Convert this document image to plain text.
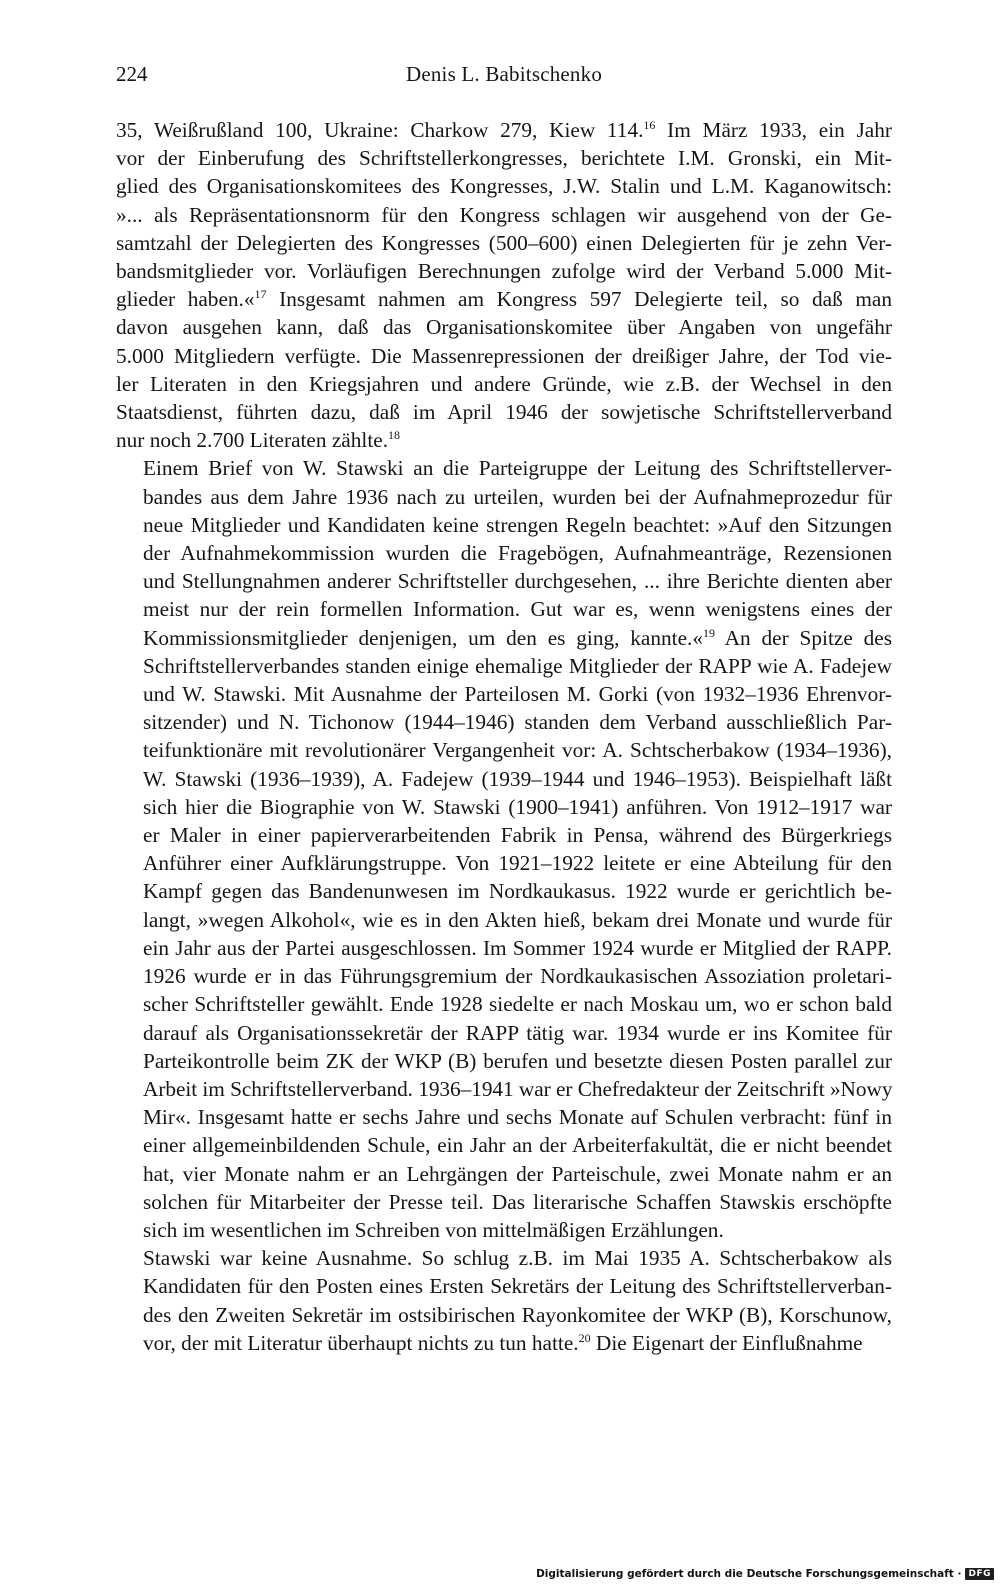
224	Denis L. Babitschenko

35, Weißrußland 100, Ukraine: Charkow 279, Kiew 114.16 Im März 1933, ein Jahr
vor der Einberufung des Schriftstellerkongresses, berichtete I.M. Gronski, ein Mit-
glied des Organisationskomitees des Kongresses, J.W. Stalin und L.M. Kaganowitsch:
»... als Repräsentationsnorm für den Kongress schlagen wir ausgehend von der Ge-
samtzahl der Delegierten des Kongresses (500–600) einen Delegierten für je zehn Ver-
bandsmitglieder vor. Vorläufigen Berechnungen zufolge wird der Verband 5.000 Mit-
glieder haben.«$^{17}$ Insgesamt nahmen am Kongress 597 Delegierte teil, so daß man
davon ausgehen kann, daß das Organisationskomitee über Angaben von ungefähr
5.000 Mitgliedern verfügte. Die Massenrepressionen der dreißiger Jahre, der Tod vie-
ler Literaten in den Kriegsjahren und andere Gründe, wie z.B. der Wechsel in den
Staatsdienst, führten dazu, daß im April 1946 der sowjetische Schriftstellerverband
nur noch 2.700 Literaten zählte.$^{18}$

Einem Brief von W. Stawski an die Parteigruppe der Leitung des Schriftstellerver-
bandes aus dem Jahre 1936 nach zu urteilen, wurden bei der Aufnahmeprozedur für
neue Mitglieder und Kandidaten keine strengen Regeln beachtet: »Auf den Sitzungen
der Aufnahmekommission wurden die Fragebögen, Aufnahmeanträge, Rezensionen
und Stellungnahmen anderer Schriftsteller durchgesehen, ... ihre Berichte dienten aber
meist nur der rein formellen Information. Gut war es, wenn wenigstens eines der
Kommissionsmitglieder denjenigen, um den es ging, kannte.«$^{19}$ An der Spitze des
Schriftstellerverbandes standen einige ehemalige Mitglieder der RAPP wie A. Fadejew
und W. Stawski. Mit Ausnahme der Parteilosen M. Gorki (von 1932–1936 Ehrenvor-
sitzender) und N. Tichonow (1944–1946) standen dem Verband ausschließlich Par-
teifunktionäre mit revolutionärer Vergangenheit vor: A. Schtscherbakow (1934–1936),
W. Stawski (1936–1939), A. Fadejew (1939–1944 und 1946–1953). Beispielhaft läßt
sich hier die Biographie von W. Stawski (1900–1941) anführen. Von 1912–1917 war
er Maler in einer papierverarbeitenden Fabrik in Pensa, während des Bürgerkriegs
Anführer einer Aufklärungstruppe. Von 1921–1922 leitete er eine Abteilung für den
Kampf gegen das Bandenunwesen im Nordkaukasus. 1922 wurde er gerichtlich be-
langt, »wegen Alkohol«, wie es in den Akten hieß, bekam drei Monate und wurde für
ein Jahr aus der Partei ausgeschlossen. Im Sommer 1924 wurde er Mitglied der RAPP.
1926 wurde er in das Führungsgremium der Nordkaukasischen Assoziation proletari-
scher Schriftsteller gewählt. Ende 1928 siedelte er nach Moskau um, wo er schon bald
darauf als Organisationssekretär der RAPP tätig war. 1934 wurde er ins Komitee für
Parteikontrolle beim ZK der WKP (B) berufen und besetzte diesen Posten parallel zur
Arbeit im Schriftstellerverband. 1936–1941 war er Chefredakteur der Zeitschrift »Nowy
Mir«. Insgesamt hatte er sechs Jahre und sechs Monate auf Schulen verbracht: fünf in
einer allgemeinbildenden Schule, ein Jahr an der Arbeiterfakultät, die er nicht beendet
hat, vier Monate nahm er an Lehrgängen der Parteischule, zwei Monate nahm er an
solchen für Mitarbeiter der Presse teil. Das literarische Schaffen Stawskis erschöpfte
sich im wesentlichen im Schreiben von mittelmäßigen Erzählungen.

Stawski war keine Ausnahme. So schlug z.B. im Mai 1935 A. Schtscherbakow als
Kandidaten für den Posten eines Ersten Sekretärs der Leitung des Schriftstellerverban-
des den Zweiten Sekretär im ostsibirischen Rayonkomitee der WKP (B), Korschunow,
vor, der mit Literatur überhaupt nichts zu tun hatte.$^{20}$ Die Eigenart der Einflußnahme

Digitalisierung gefördert durch die Deutsche Forschungsgemeinschaft · DFG
